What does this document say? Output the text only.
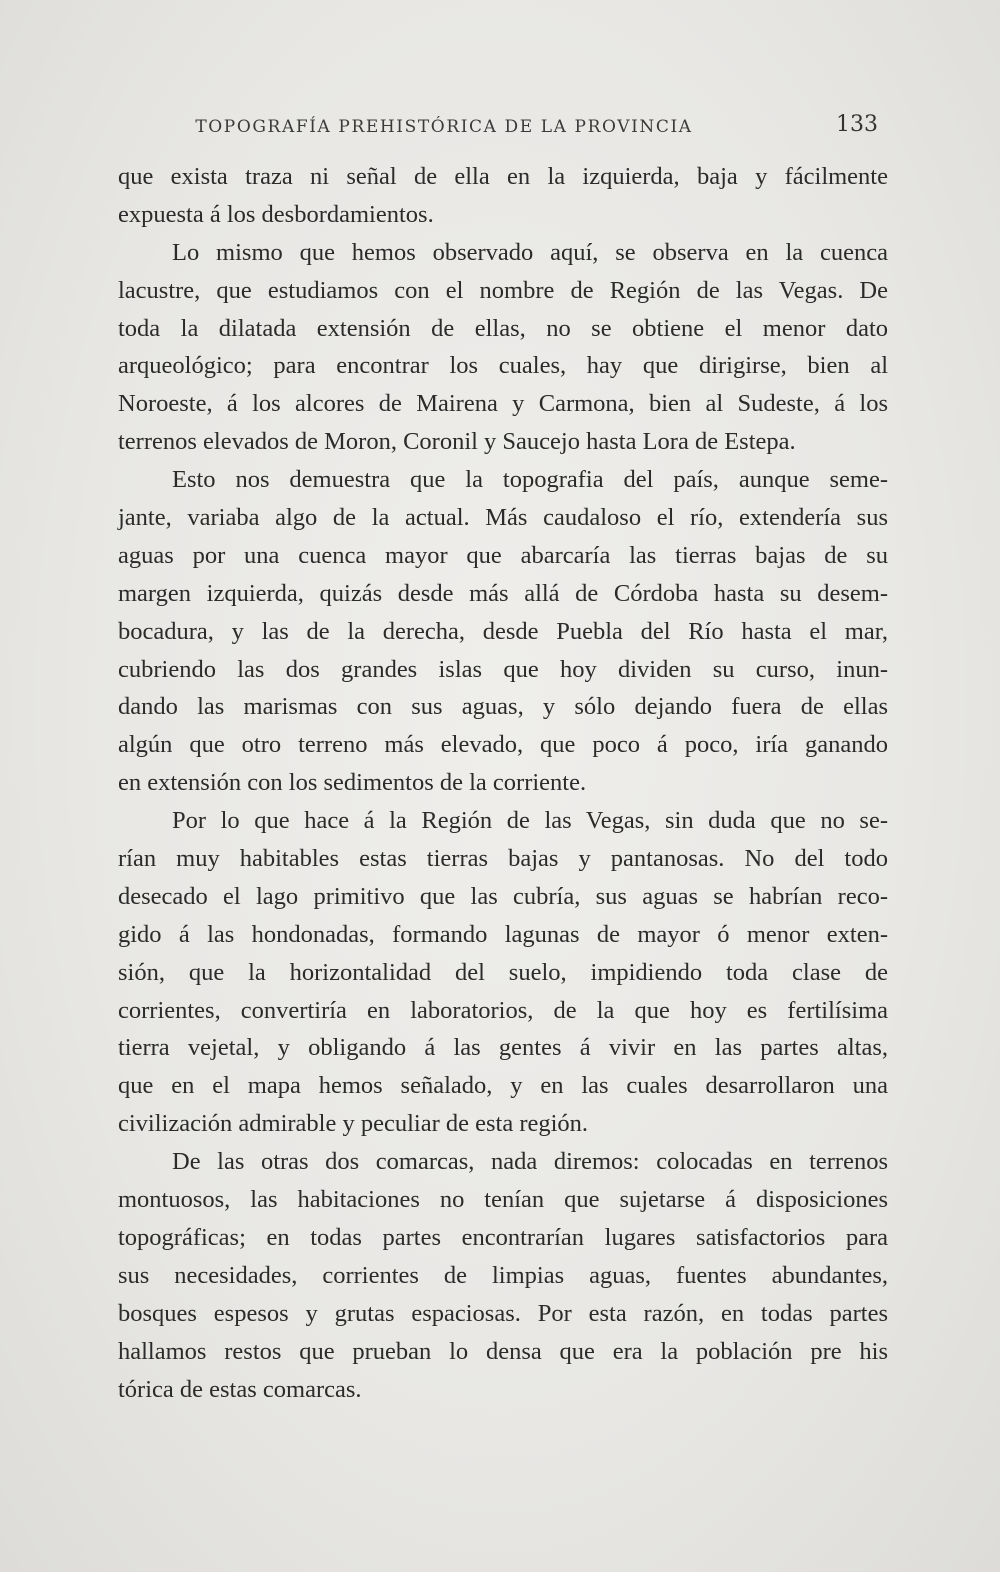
TOPOGRAFÍA PREHISTÓRICA DE LA PROVINCIA	133
que exista traza ni señal de ella en la izquierda, baja y fácilmente
expuesta á los desbordamientos.
Lo mismo que hemos observado aquí, se observa en la cuenca
lacustre, que estudiamos con el nombre de Región de las Vegas. De
toda la dilatada extensión de ellas, no se obtiene el menor dato
arqueológico; para encontrar los cuales, hay que dirigirse, bien al
Noroeste, á los alcores de Mairena y Carmona, bien al Sudeste, á los
terrenos elevados de Moron, Coronil y Saucejo hasta Lora de Estepa.
Esto nos demuestra que la topografia del país, aunque seme-
jante, variaba algo de la actual. Más caudaloso el río, extendería sus
aguas por una cuenca mayor que abarcaría las tierras bajas de su
margen izquierda, quizás desde más allá de Córdoba hasta su desem-
bocadura, y las de la derecha, desde Puebla del Río hasta el mar,
cubriendo las dos grandes islas que hoy dividen su curso, inun-
dando las marismas con sus aguas, y sólo dejando fuera de ellas
algún que otro terreno más elevado, que poco á poco, iría ganando
en extensión con los sedimentos de la corriente.
Por lo que hace á la Región de las Vegas, sin duda que no se-
rían muy habitables estas tierras bajas y pantanosas. No del todo
desecado el lago primitivo que las cubría, sus aguas se habrían reco-
gido á las hondonadas, formando lagunas de mayor ó menor exten-
sión, que la horizontalidad del suelo, impidiendo toda clase de
corrientes, convertiría en laboratorios, de la que hoy es fertilísima
tierra vejetal, y obligando á las gentes á vivir en las partes altas,
que en el mapa hemos señalado, y en las cuales desarrollaron una
civilización admirable y peculiar de esta región.
De las otras dos comarcas, nada diremos: colocadas en terrenos
montuosos, las habitaciones no tenían que sujetarse á disposiciones
topográficas; en todas partes encontrarían lugares satisfactorios para
sus necesidades, corrientes de limpias aguas, fuentes abundantes,
bosques espesos y grutas espaciosas. Por esta razón, en todas partes
hallamos restos que prueban lo densa que era la población pre his
tórica de estas comarcas.
